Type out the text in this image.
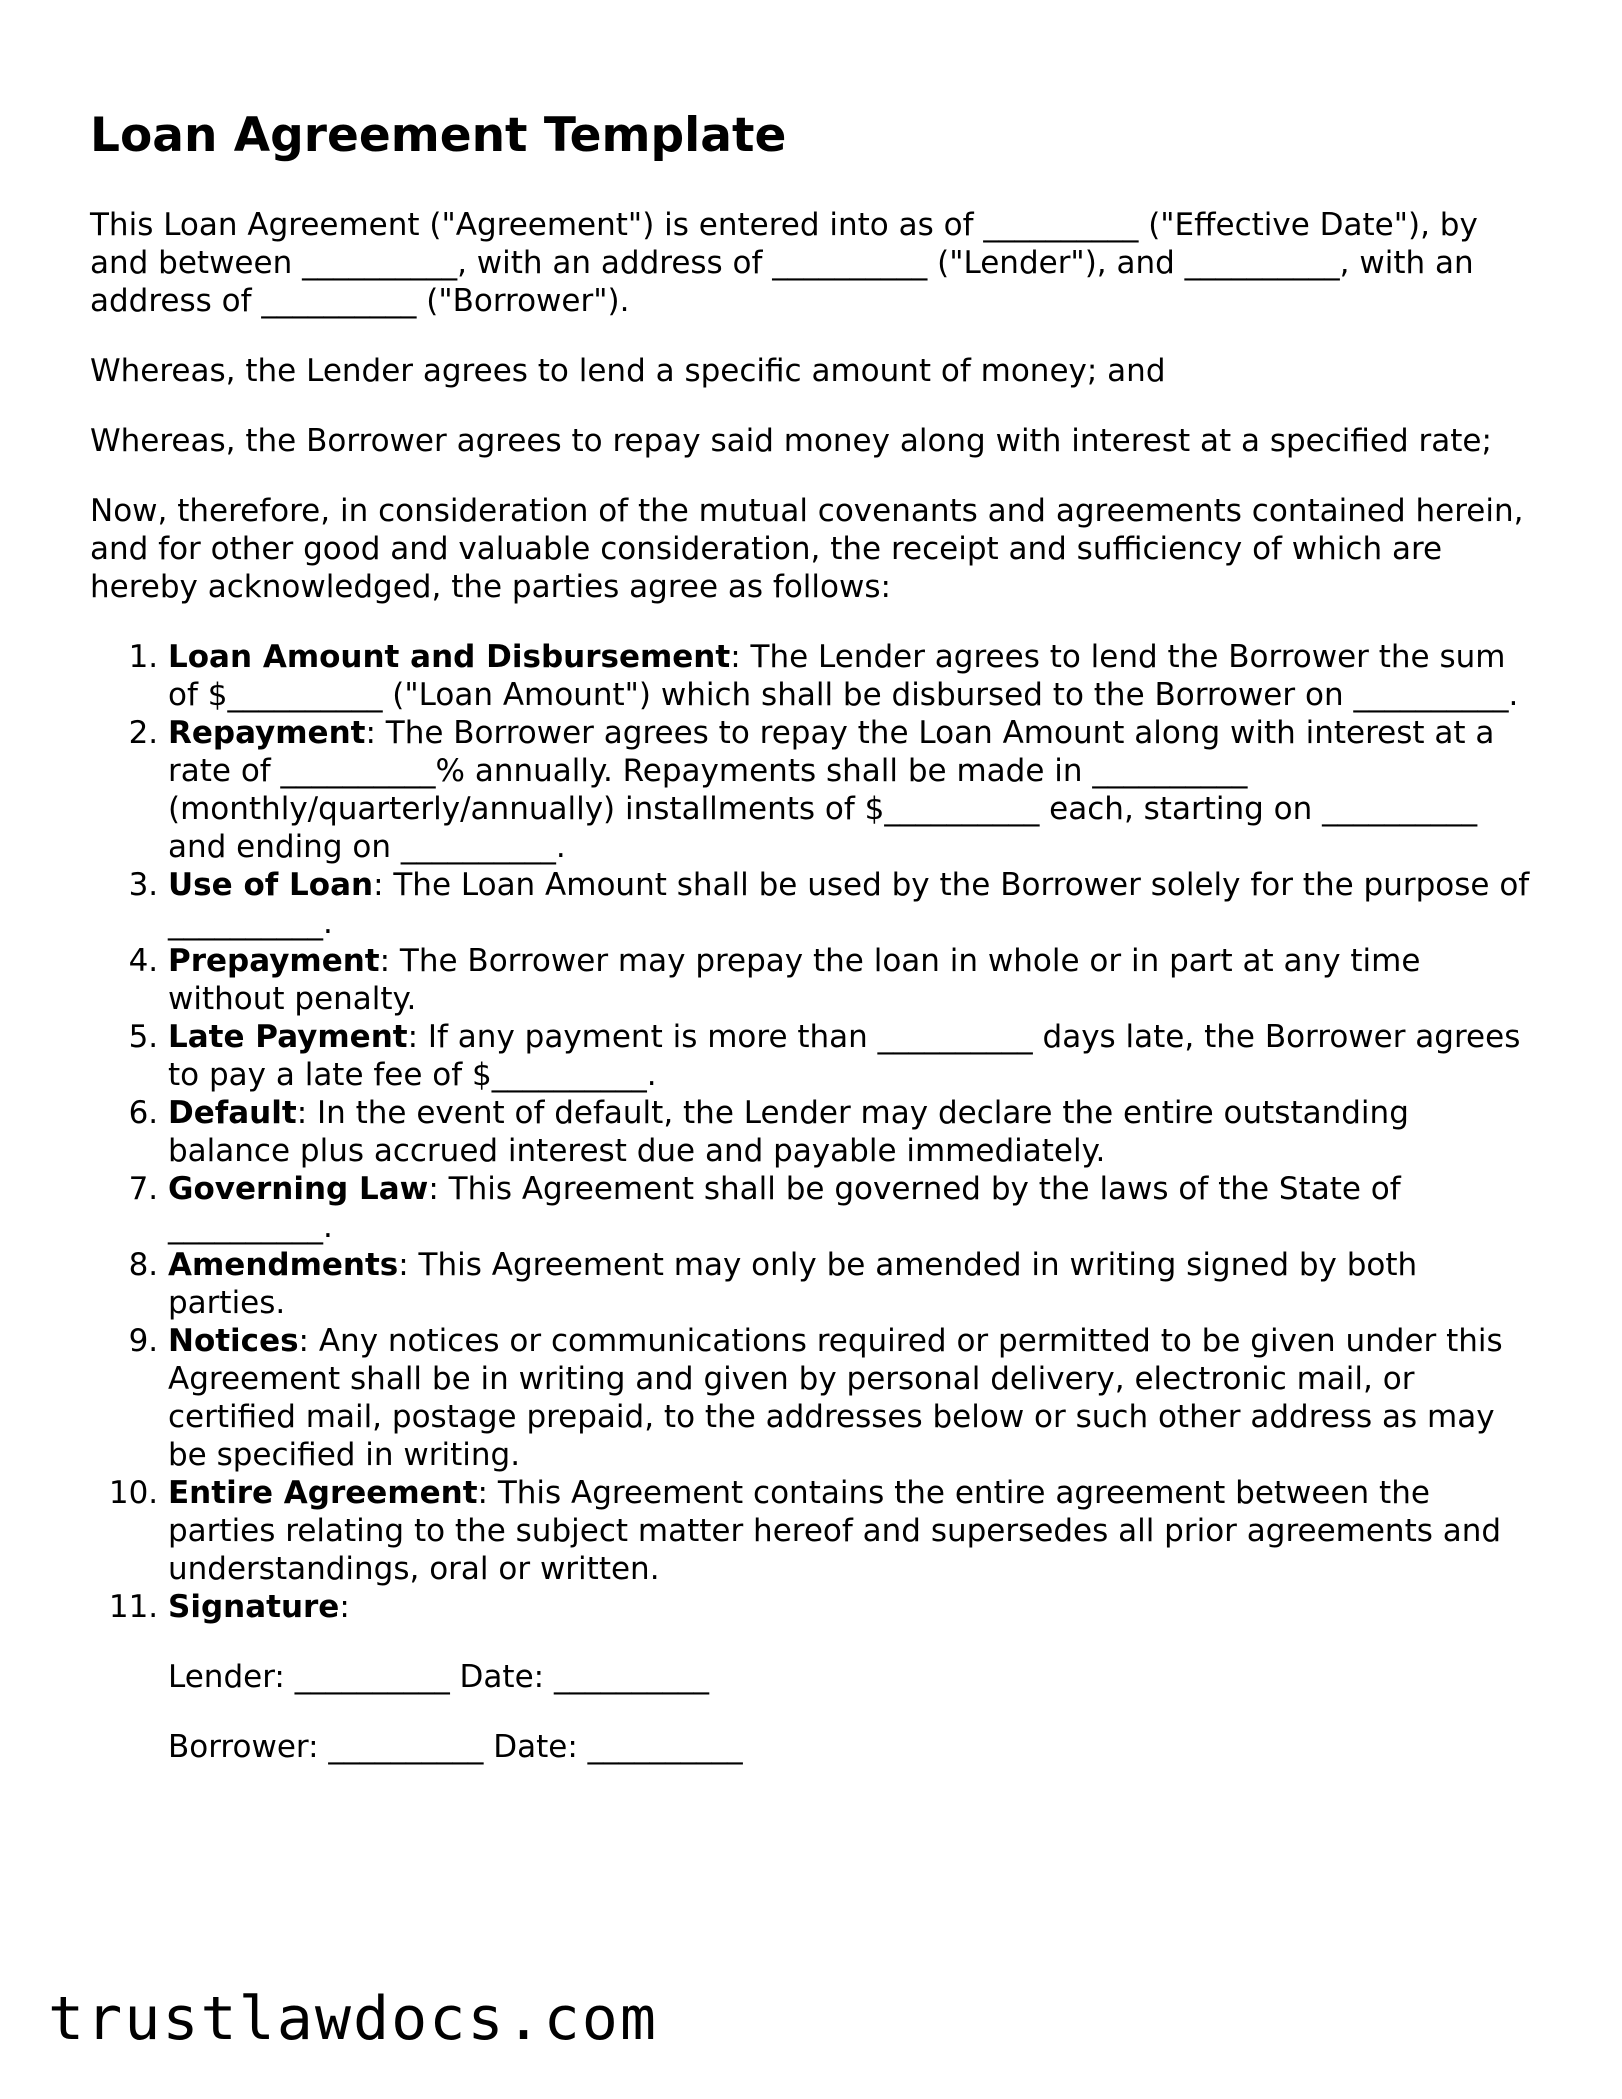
Loan Agreement Template

This Loan Agreement ("Agreement") is entered into as of __________ ("Effective Date"), by and between __________, with an address of __________ ("Lender"), and __________, with an address of __________ ("Borrower").

Whereas, the Lender agrees to lend a specific amount of money; and

Whereas, the Borrower agrees to repay said money along with interest at a specified rate;

Now, therefore, in consideration of the mutual covenants and agreements contained herein, and for other good and valuable consideration, the receipt and sufficiency of which are hereby acknowledged, the parties agree as follows:

1. Loan Amount and Disbursement: The Lender agrees to lend the Borrower the sum of $__________ ("Loan Amount") which shall be disbursed to the Borrower on __________.
2. Repayment: The Borrower agrees to repay the Loan Amount along with interest at a rate of __________% annually. Repayments shall be made in __________ (monthly/quarterly/annually) installments of $__________ each, starting on __________ and ending on __________.
3. Use of Loan: The Loan Amount shall be used by the Borrower solely for the purpose of __________.
4. Prepayment: The Borrower may prepay the loan in whole or in part at any time without penalty.
5. Late Payment: If any payment is more than __________ days late, the Borrower agrees to pay a late fee of $__________.
6. Default: In the event of default, the Lender may declare the entire outstanding balance plus accrued interest due and payable immediately.
7. Governing Law: This Agreement shall be governed by the laws of the State of __________.
8. Amendments: This Agreement may only be amended in writing signed by both parties.
9. Notices: Any notices or communications required or permitted to be given under this Agreement shall be in writing and given by personal delivery, electronic mail, or certified mail, postage prepaid, to the addresses below or such other address as may be specified in writing.
10. Entire Agreement: This Agreement contains the entire agreement between the parties relating to the subject matter hereof and supersedes all prior agreements and understandings, oral or written.
11. Signature:
Lender: __________ Date: __________
Borrower: __________ Date: __________
trustlawdocs.com
